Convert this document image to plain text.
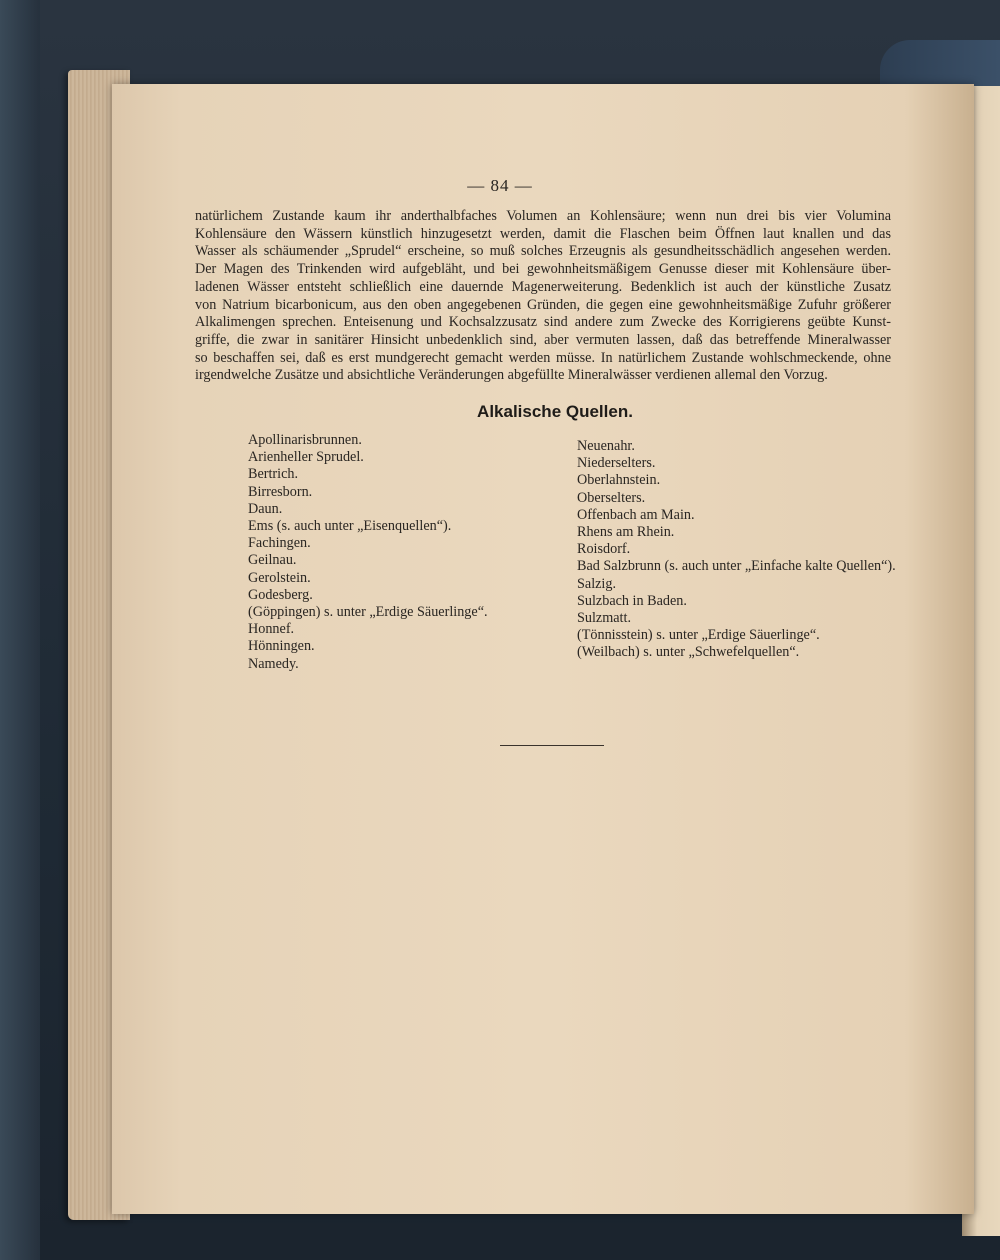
— 84 —
natürlichem Zustande kaum ihr anderthalbfaches Volumen an Kohlensäure; wenn nun drei bis vier Volumina
Kohlensäure den Wässern künstlich hinzugesetzt werden, damit die Flaschen beim Öffnen laut knallen und das
Wasser als schäumender „Sprudel“ erscheine, so muß solches Erzeugnis als gesundheitsschädlich angesehen werden.
Der Magen des Trinkenden wird aufgebläht, und bei gewohnheitsmäßigem Genusse dieser mit Kohlensäure über-
ladenen Wässer entsteht schließlich eine dauernde Magenerweiterung. Bedenklich ist auch der künstliche Zusatz
von Natrium bicarbonicum, aus den oben angegebenen Gründen, die gegen eine gewohnheitsmäßige Zufuhr größerer
Alkalimengen sprechen. Enteisenung und Kochsalzzusatz sind andere zum Zwecke des Korrigierens geübte Kunst-
griffe, die zwar in sanitärer Hinsicht unbedenklich sind, aber vermuten lassen, daß das betreffende Mineralwasser
so beschaffen sei, daß es erst mundgerecht gemacht werden müsse. In natürlichem Zustande wohlschmeckende, ohne
irgendwelche Zusätze und absichtliche Veränderungen abgefüllte Mineralwässer verdienen allemal den Vorzug.
Alkalische Quellen.
Apollinarisbrunnen.
Arienheller Sprudel.
Bertrich.
Birresborn.
Daun.
Ems (s. auch unter „Eisenquellen“).
Fachingen.
Geilnau.
Gerolstein.
Godesberg.
(Göppingen) s. unter „Erdige Säuerlinge“.
Honnef.
Hönningen.
Namedy.
Neuenahr.
Niederselters.
Oberlahnstein.
Oberselters.
Offenbach am Main.
Rhens am Rhein.
Roisdorf.
Bad Salzbrunn (s. auch unter „Einfache kalte Quellen“).
Salzig.
Sulzbach in Baden.
Sulzmatt.
(Tönnisstein) s. unter „Erdige Säuerlinge“.
(Weilbach) s. unter „Schwefelquellen“.
